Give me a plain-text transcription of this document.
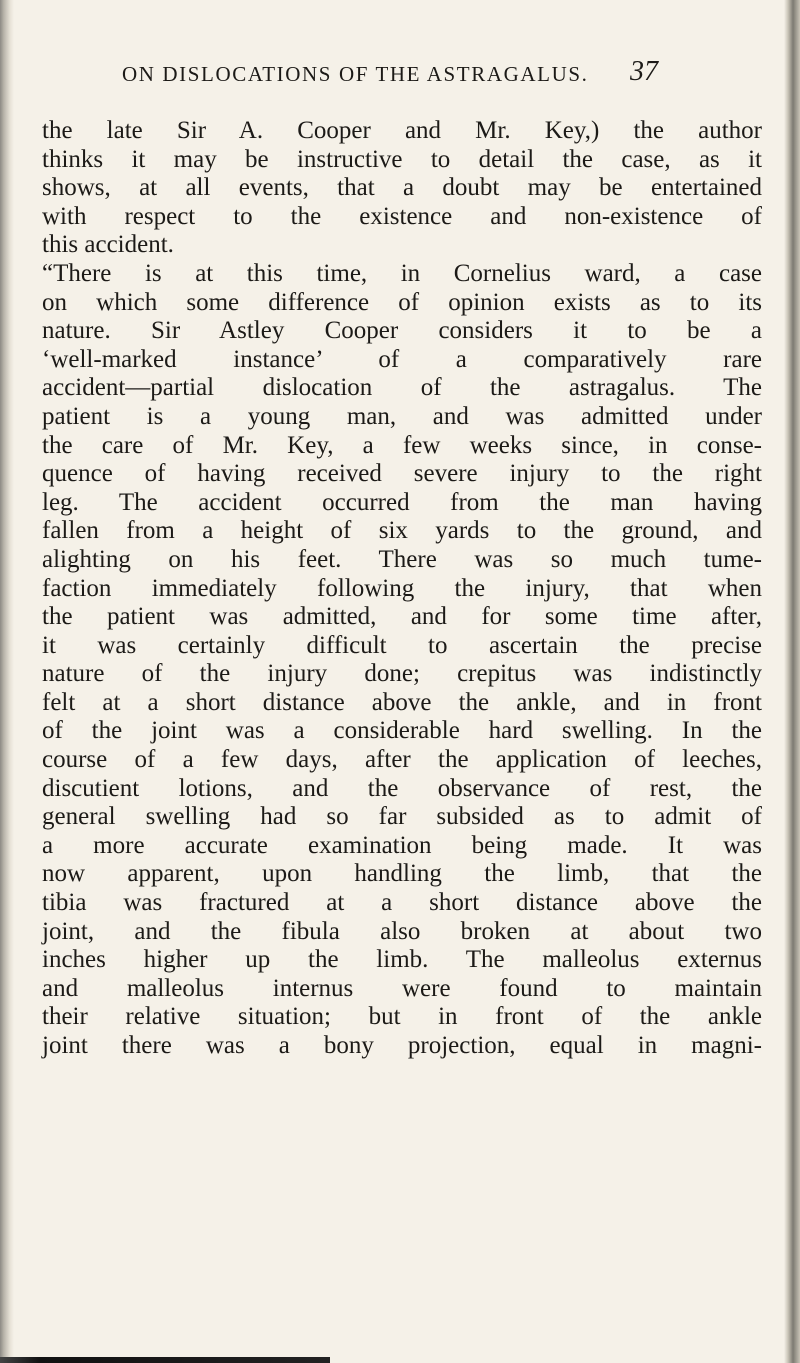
ON DISLOCATIONS OF THE ASTRAGALUS. 37
the late Sir A. Cooper and Mr. Key,) the author
thinks it may be instructive to detail the case, as it
shows, at all events, that a doubt may be entertained
with respect to the existence and non-existence of
this accident.
“There is at this time, in Cornelius ward, a case
on which some difference of opinion exists as to its
nature. Sir Astley Cooper considers it to be a
‘well-marked instance’ of a comparatively rare
accident—partial dislocation of the astragalus. The
patient is a young man, and was admitted under
the care of Mr. Key, a few weeks since, in conse-
quence of having received severe injury to the right
leg. The accident occurred from the man having
fallen from a height of six yards to the ground, and
alighting on his feet. There was so much tume-
faction immediately following the injury, that when
the patient was admitted, and for some time after,
it was certainly difficult to ascertain the precise
nature of the injury done; crepitus was indistinctly
felt at a short distance above the ankle, and in front
of the joint was a considerable hard swelling. In the
course of a few days, after the application of leeches,
discutient lotions, and the observance of rest, the
general swelling had so far subsided as to admit of
a more accurate examination being made. It was
now apparent, upon handling the limb, that the
tibia was fractured at a short distance above the
joint, and the fibula also broken at about two
inches higher up the limb. The malleolus externus
and malleolus internus were found to maintain
their relative situation; but in front of the ankle
joint there was a bony projection, equal in magni-
